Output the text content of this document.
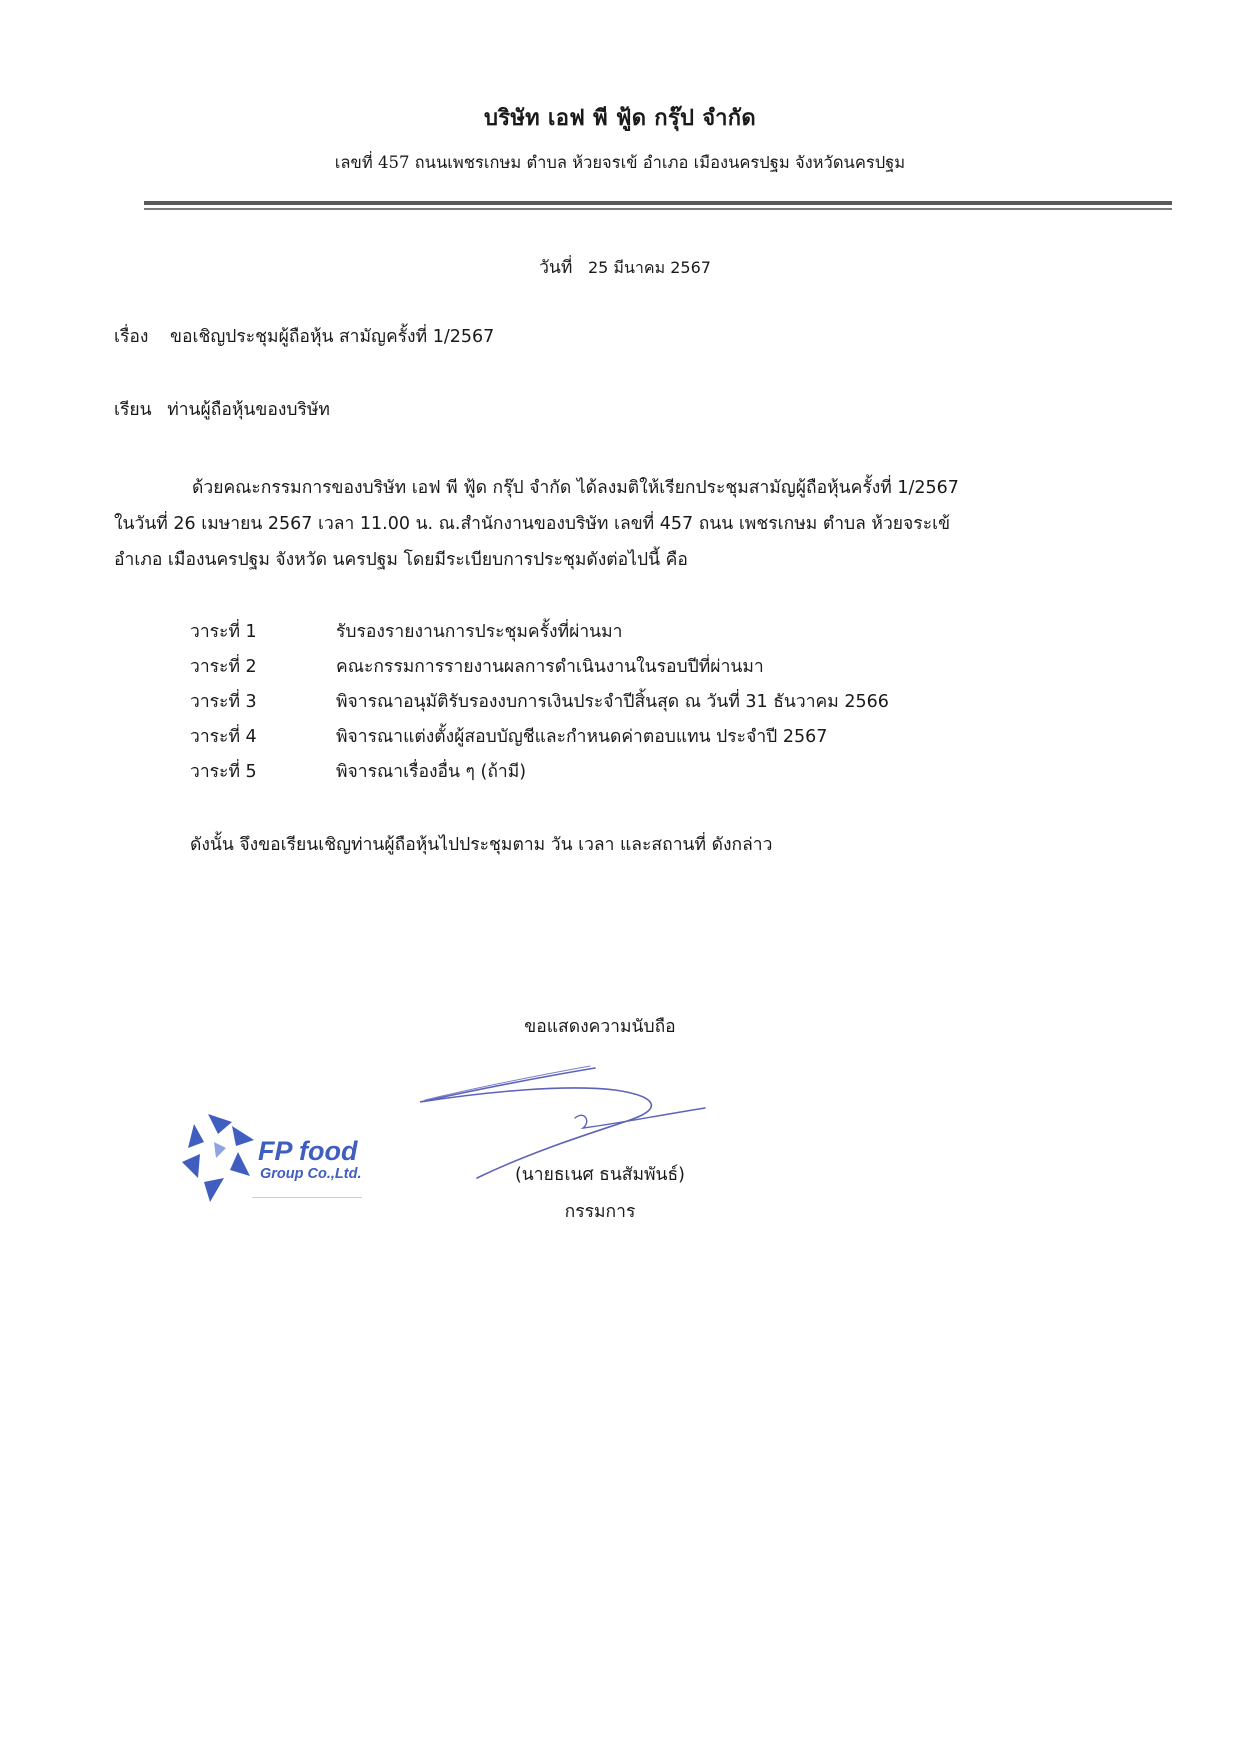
บริษัท เอฟ พี ฟู้ด กรุ๊ป จำกัด
เลขที่ 457 ถนนเพชรเกษม ตำบล ห้วยจรเข้ อำเภอ เมืองนครปฐม จังหวัดนครปฐม
วันที่ 25 มีนาคม 2567
เรื่อง ขอเชิญประชุมผู้ถือหุ้น สามัญครั้งที่ 1/2567
เรียน ท่านผู้ถือหุ้นของบริษัท
ด้วยคณะกรรมการของบริษัท เอฟ พี ฟู้ด กรุ๊ป จำกัด ได้ลงมติให้เรียกประชุมสามัญผู้ถือหุ้นครั้งที่ 1/2567
ในวันที่ 26 เมษายน 2567 เวลา 11.00 น. ณ.สำนักงานของบริษัท เลขที่ 457 ถนน เพชรเกษม ตำบล ห้วยจระเข้
อำเภอ เมืองนครปฐม จังหวัด นครปฐม โดยมีระเบียบการประชุมดังต่อไปนี้ คือ
วาระที่ 1	รับรองรายงานการประชุมครั้งที่ผ่านมา
วาระที่ 2	คณะกรรมการรายงานผลการดำเนินงานในรอบปีที่ผ่านมา
วาระที่ 3	พิจารณาอนุมัติรับรองงบการเงินประจำปีสิ้นสุด ณ วันที่ 31 ธันวาคม 2566
วาระที่ 4	พิจารณาแต่งตั้งผู้สอบบัญชีและกำหนดค่าตอบแทน ประจำปี 2567
วาระที่ 5	พิจารณาเรื่องอื่น ๆ (ถ้ามี)
ดังนั้น จึงขอเรียนเชิญท่านผู้ถือหุ้นไปประชุมตาม วัน เวลา และสถานที่ ดังกล่าว
ขอแสดงความนับถือ
FP food
Group Co.,Ltd.	(นายธเนศ ธนสัมพันธ์)
กรรมการ
